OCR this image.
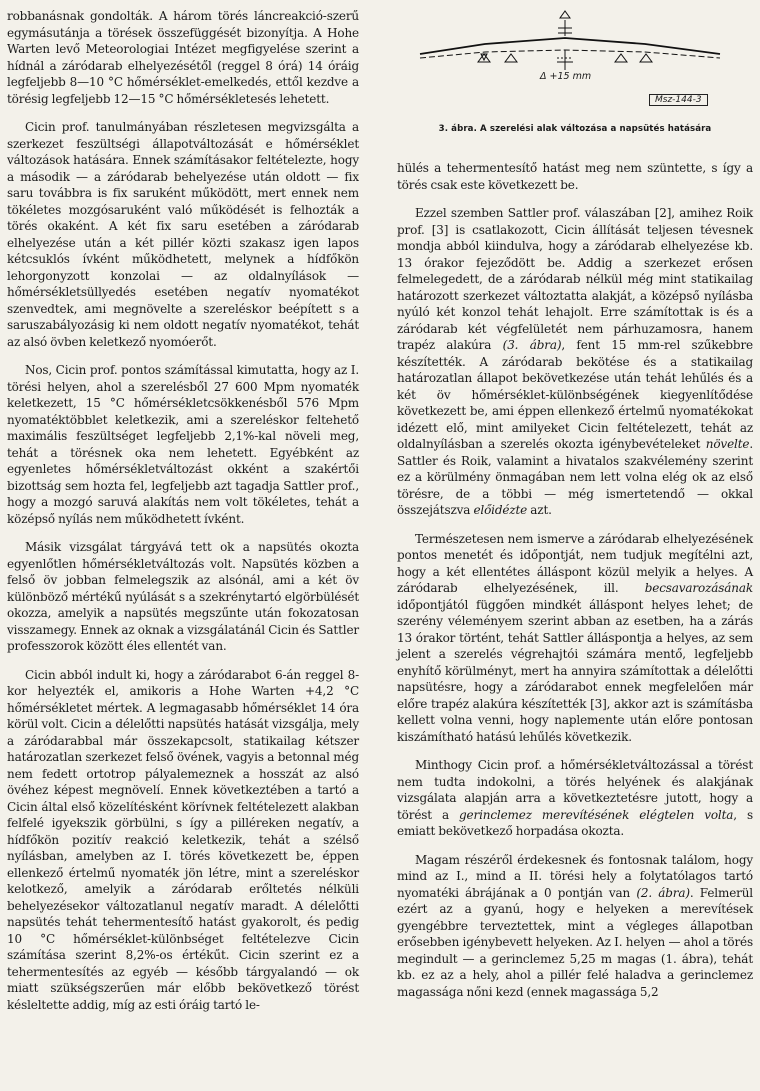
robbanásnak gondolták. A három törés láncreakció-szerű egymásutánja a törések összefüggését bizonyítja. A Hohe Warten levő Meteorologiai Intézet megfigyelése szerint a hídnál a záródarab elhelyezésétől (reggel 8 órá) 14 óráig legfeljebb 8—10 °C hőmérséklet-emelkedés, ettől kezdve a törésig legfeljebb 12—15 °C hőmérsékletesés lehetett.

Cicin prof. tanulmányában részletesen megvizsgálta a szerkezet feszültségi állapotváltozását e hőmérséklet változások hatására. Ennek számításakor feltételezte, hogy a második — a záródarab behelyezése után oldott — fix saru továbbra is fix saruként működött, mert ennek nem tökéletes mozgósaruként való működését is felhozták a törés okaként. A két fix saru esetében a záródarab elhelyezése után a két pillér közti szakasz igen lapos kétcsuklós ívként működhetett, melynek a hídfőkön lehorgonyzott konzolai — az oldalnyílások — hőmérsékletsüllyedés esetében negatív nyomatékot szenvedtek, ami megnövelte a szereléskor beépített s a saruszabályozásig ki nem oldott negatív nyomatékot, tehát az alsó övben keletkező nyomóerőt.

Nos, Cicin prof. pontos számítással kimutatta, hogy az I. törési helyen, ahol a szerelésből 27 600 Mpm nyomaték keletkezett, 15 °C hőmérsékletcsökkenésből 576 Mpm nyomatéktöbblet keletkezik, ami a szereléskor feltehető maximális feszültséget legfeljebb 2,1%-kal növeli meg, tehát a törésnek oka nem lehetett. Egyébként az egyenletes hőmérsékletváltozást okként a szakértői bizottság sem hozta fel, legfeljebb azt tagadja Sattler prof., hogy a mozgó saruvá alakítás nem volt tökéletes, tehát a középső nyílás nem működhetett ívként.

Másik vizsgálat tárgyává tett ok a napsütés okozta egyenlőtlen hőmérsékletváltozás volt. Napsütés közben a felső öv jobban felmelegszik az alsónál, ami a két öv különböző mértékű nyúlását s a szekrénytartó elgörbülését okozza, amelyik a napsütés megszűnte után fokozatosan visszamegy. Ennek az oknak a vizsgálatánál Cicin és Sattler professzorok között éles ellentét van.

Cicin abból indult ki, hogy a záródarabot 6-án reggel 8-kor helyezték el, amikoris a Hohe Warten +4,2 °C hőmérsékletet mértek. A legmagasabb hőmérséklet 14 óra körül volt. Cicin a délelőtti napsütés hatását vizsgálja, mely a záródarabbal már összekapcsolt, statikailag kétszer határozatlan szerkezet felső övének, vagyis a betonnal még nem fedett ortotrop pályalemeznek a hosszát az alsó övéhez képest megnövelí. Ennek következtében a tartó a Cicin által első közelítésként körívnek feltételezett alakban felfelé igyekszik görbülni, s így a pilléreken negatív, a hídfőkön pozitív reakció keletkezik, tehát a szélső nyílásban, amelyben az I. törés következett be, éppen ellenkező értelmű nyomaték jön létre, mint a szereléskor kelotkező, amelyik a záródarab erőltetés nélküli behelyezésekor változatlanul negatív maradt. A délelőtti napsütés tehát tehermentesítő hatást gyakorolt, és pedig 10 °C hőmérséklet-különbséget feltételezve Cicin számítása szerint 8,2%-os értékűt. Cicin szerint ez a tehermentesítés az egyéb — később tárgyalandó — ok miatt szükségszerűen már előbb bekövetkező törést késleltette addig, míg az esti óráig tartó le-

Δ +15 mm
Msz-144-3
3. ábra. A szerelési alak változása a napsütés hatására

hülés a tehermentesítő hatást meg nem szüntette, s így a törés csak este következett be.

Ezzel szemben Sattler prof. válaszában [2], amihez Roik prof. [3] is csatlakozott, Cicin állítását teljesen tévesnek mondja abból kiindulva, hogy a záródarab elhelyezése kb. 13 órakor fejeződött be. Addig a szerkezet erősen felmelegedett, de a záródarab nélkül még mint statikailag határozott szerkezet változtatta alakját, a középső nyílásba nyúló két konzol tehát lehajolt. Erre számítottak is és a záródarab két végfelületét nem párhuzamosra, hanem trapéz alakúra (3. ábra), fent 15 mm-rel szűkebbre készítették. A záródarab bekötése és a statikailag határozatlan állapot bekövetkezése után tehát lehűlés és a két öv hőmérséklet-különbségének kiegyenlítődése következett be, ami éppen ellenkező értelmű nyomatékokat idézett elő, mint amilyeket Cicin feltételezett, tehát az oldalnyílásban a szerelés okozta igénybevételeket növelte. Sattler és Roik, valamint a hivatalos szakvélemény szerint ez a körülmény önmagában nem lett volna elég ok az első törésre, de a többi — még ismertetendő — okkal összejátszva előidézte azt.

Természetesen nem ismerve a záródarab elhelyezésének pontos menetét és időpontját, nem tudjuk megítélni azt, hogy a két ellentétes álláspont közül melyik a helyes. A záródarab elhelyezésének, ill. becsavarozásának időpontjától függően mindkét álláspont helyes lehet; de szerény véleményem szerint abban az esetben, ha a zárás 13 órakor történt, tehát Sattler álláspontja a helyes, az sem jelent a szerelés végrehajtói számára mentő, legfeljebb enyhítő körülményt, mert ha annyira számítottak a délelőtti napsütésre, hogy a záródarabot ennek megfelelően már előre trapéz alakúra készítették [3], akkor azt is számításba kellett volna venni, hogy naplemente után előre pontosan kiszámítható hatású lehűlés következik.

Minthogy Cicin prof. a hőmérsékletváltozással a törést nem tudta indokolni, a törés helyének és alakjának vizsgálata alapján arra a következtetésre jutott, hogy a törést a gerinclemez merevítésének elégtelen volta, s emiatt bekövetkező horpadása okozta.

Magam részéről érdekesnek és fontosnak találom, hogy mind az I., mind a II. törési hely a folytatólagos tartó nyomatéki ábrájának a 0 pontján van (2. ábra). Felmerül ezért az a gyanú, hogy e helyeken a merevítések gyengébbre terveztettek, mint a végleges állapotban erősebben igénybevett helyeken. Az I. helyen — ahol a törés megindult — a gerinclemez 5,25 m magas (1. ábra), tehát kb. ez az a hely, ahol a pillér felé haladva a gerinclemez magassága nőni kezd (ennek magassága 5,2
